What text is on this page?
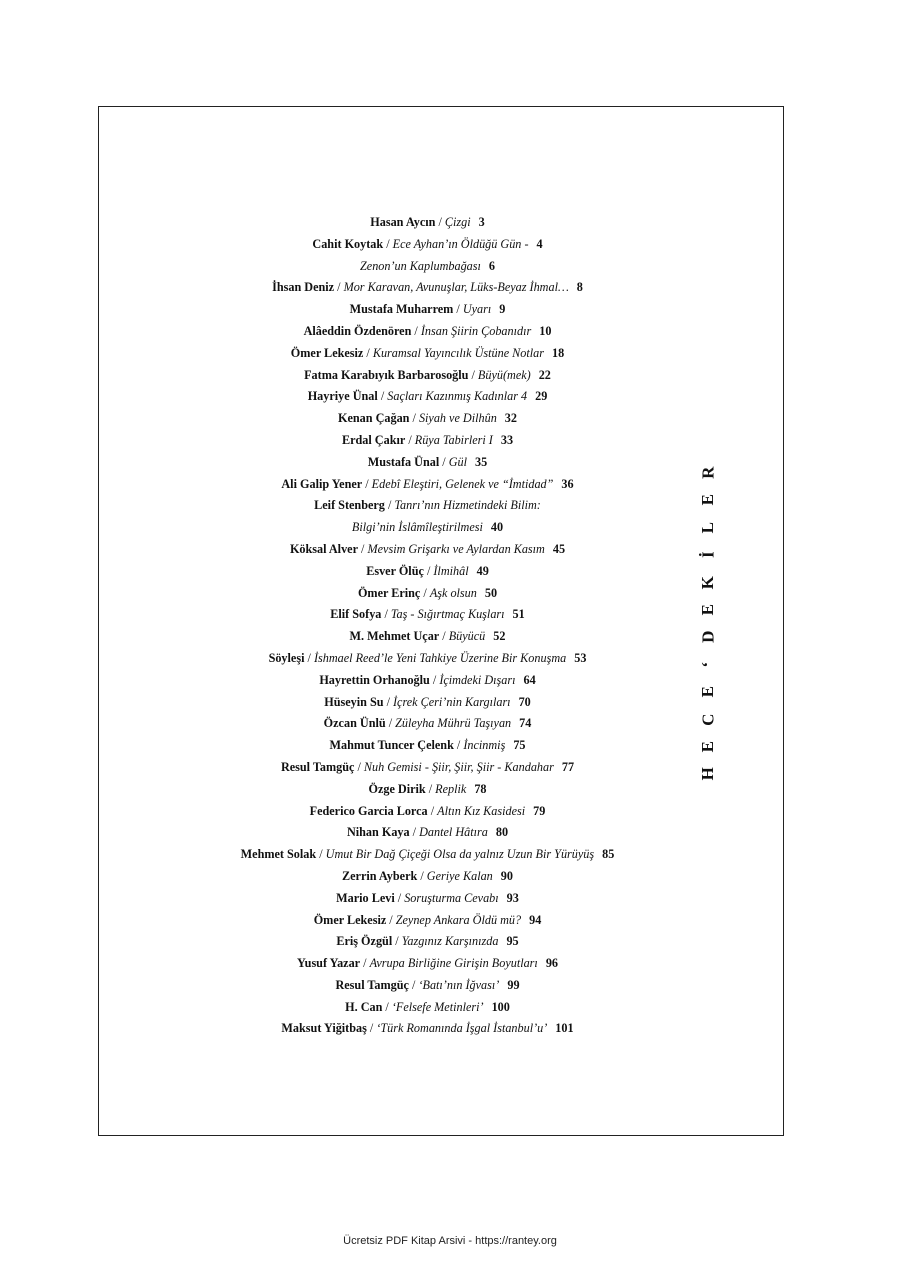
Hasan Aycın / Çizgi 3
Cahit Koytak / Ece Ayhan’ın Öldüğü Gün - 4
Zenon’un Kaplumbağası 6
İhsan Deniz / Mor Karavan, Avunuşlar, Lüks-Beyaz İhmal… 8
Mustafa Muharrem / Uyarı 9
Alâeddin Özdenören / İnsan Şiirin Çobanıdır 10
Ömer Lekesiz / Kuramsal Yayıncılık Üstüne Notlar 18
Fatma Karabıyık Barbarosoğlu / Büyü(mek) 22
Hayriye Ünal / Saçları Kazınmış Kadınlar 4 29
Kenan Çağan / Siyah ve Dilhûn 32
Erdal Çakır / Rüya Tabirleri I 33
Mustafa Ünal / Gül 35
Ali Galip Yener / Edebî Eleştiri, Gelenek ve “İmtidad” 36
Leif Stenberg / Tanrı’nın Hizmetindeki Bilim:
Bilgi’nin İslâmîleştirilmesi 40
Köksal Alver / Mevsim Grişarkı ve Aylardan Kasım 45
Esver Ölüç / İlmihâl 49
Ömer Erinç / Aşk olsun 50
Elif Sofya / Taş - Sığırtmaç Kuşları 51
M. Mehmet Uçar / Büyücü 52
Söyleşi / İshmael Reed’le Yeni Tahkiye Üzerine Bir Konuşma 53
Hayrettin Orhanoğlu / İçimdeki Dışarı 64
Hüseyin Su / İçrek Çeri’nin Kargıları 70
Özcan Ünlü / Züleyha Mührü Taşıyan 74
Mahmut Tuncer Çelenk / İncinmiş 75
Resul Tamgüç / Nuh Gemisi - Şiir, Şiir, Şiir - Kandahar 77
Özge Dirik / Replik 78
Federico Garcia Lorca / Altın Kız Kasidesi 79
Nihan Kaya / Dantel Hâtıra 80
Mehmet Solak / Umut Bir Dağ Çiçeği Olsa da yalnız Uzun Bir Yürüyüş 85
Zerrin Ayberk / Geriye Kalan 90
Mario Levi / Soruşturma Cevabı 93
Ömer Lekesiz / Zeynep Ankara Öldü mü? 94
Eriş Özgül / Yazgınız Karşınızda 95
Yusuf Yazar / Avrupa Birliğine Girişin Boyutları 96
Resul Tamgüç / ‘Batı’nın İğvası’ 99
H. Can / ‘Felsefe Metinleri’ 100
Maksut Yiğitbaş / ‘Türk Romanında İşgal İstanbul’u’ 101
R
E
L
İ
K
E
D
‘
E
C
E
H
Ücretsiz PDF Kitap Arsivi - https://rantey.org
